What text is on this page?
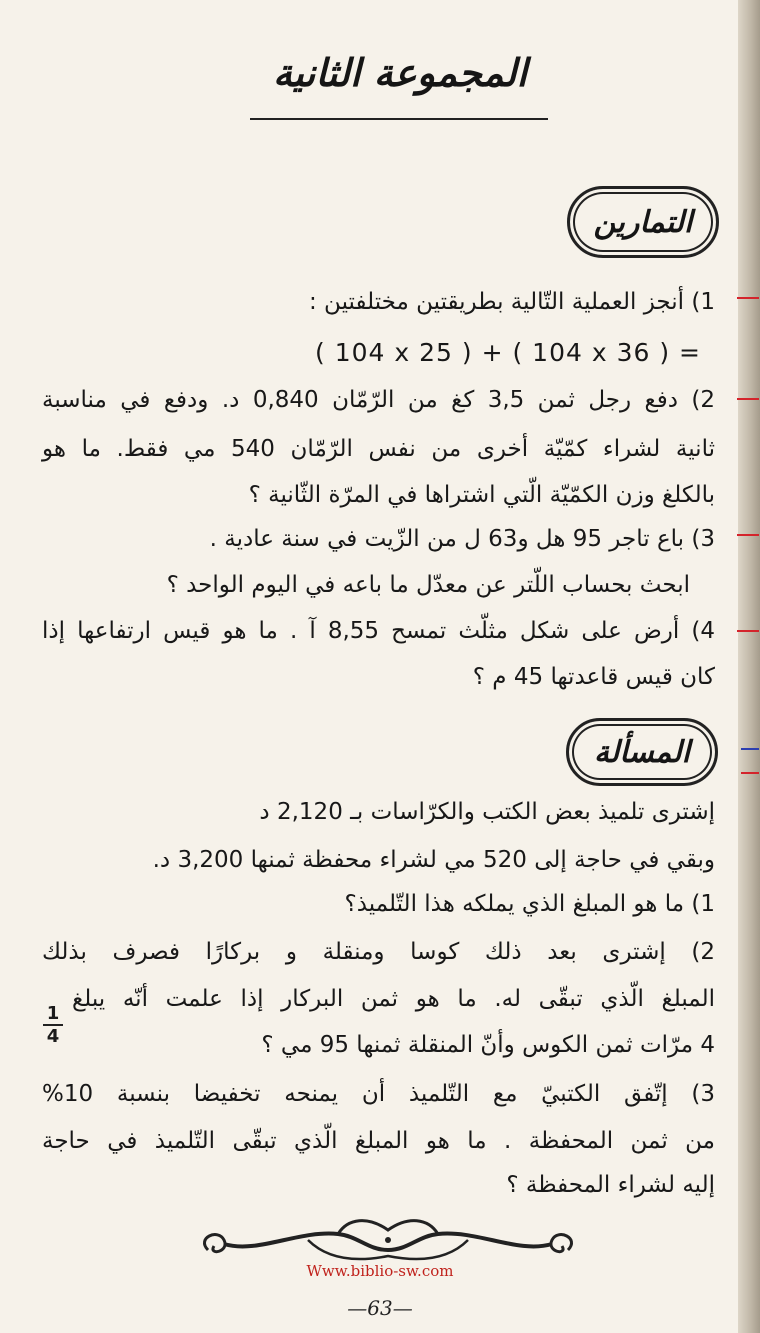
المجموعة الثانية
التمارين
1) أنجز العملية التّالية بطريقتين مختلفتين :
( 104 x 25 ) + ( 104 x 36 ) =
2) دفع رجل ثمن 3,5 كغ من الرّمّان 0,840 د. ودفع في مناسبة
ثانية لشراء كمّيّة أخرى من نفس الرّمّان 540 مي فقط. ما هو
بالكلغ وزن الكمّيّة الّتي اشتراها في المرّة الثّانية ؟
3) باع تاجر 95 هل و63 ل من الزّيت في سنة عادية .
ابحث بحساب اللّتر عن معدّل ما باعه في اليوم الواحد ؟
4) أرض على شكل مثلّث تمسح 8,55 آ . ما هو قيس ارتفاعها إذا
كان قيس قاعدتها 45 م ؟
المسألة
إشترى تلميذ بعض الكتب والكرّاسات بـ 2,120 د
وبقي في حاجة إلى 520 مي لشراء محفظة ثمنها 3,200 د.
1) ما هو المبلغ الذي يملكه هذا التّلميذ؟
2) إشترى بعد ذلك كوسا ومنقلة و بركارًا فصرف بذلك
المبلغ الّذي تبقّى له. ما هو ثمن البركار إذا علمت أنّه يبلغ
1
4	4 مرّات ثمن الكوس وأنّ المنقلة ثمنها 95 مي ؟
3) إتّفق الكتبيّ مع التّلميذ أن يمنحه تخفيضا بنسبة 10%
من ثمن المحفظة . ما هو المبلغ الّذي تبقّى التّلميذ في حاجة
إليه لشراء المحفظة ؟
Www.biblio-sw.com
—63—
